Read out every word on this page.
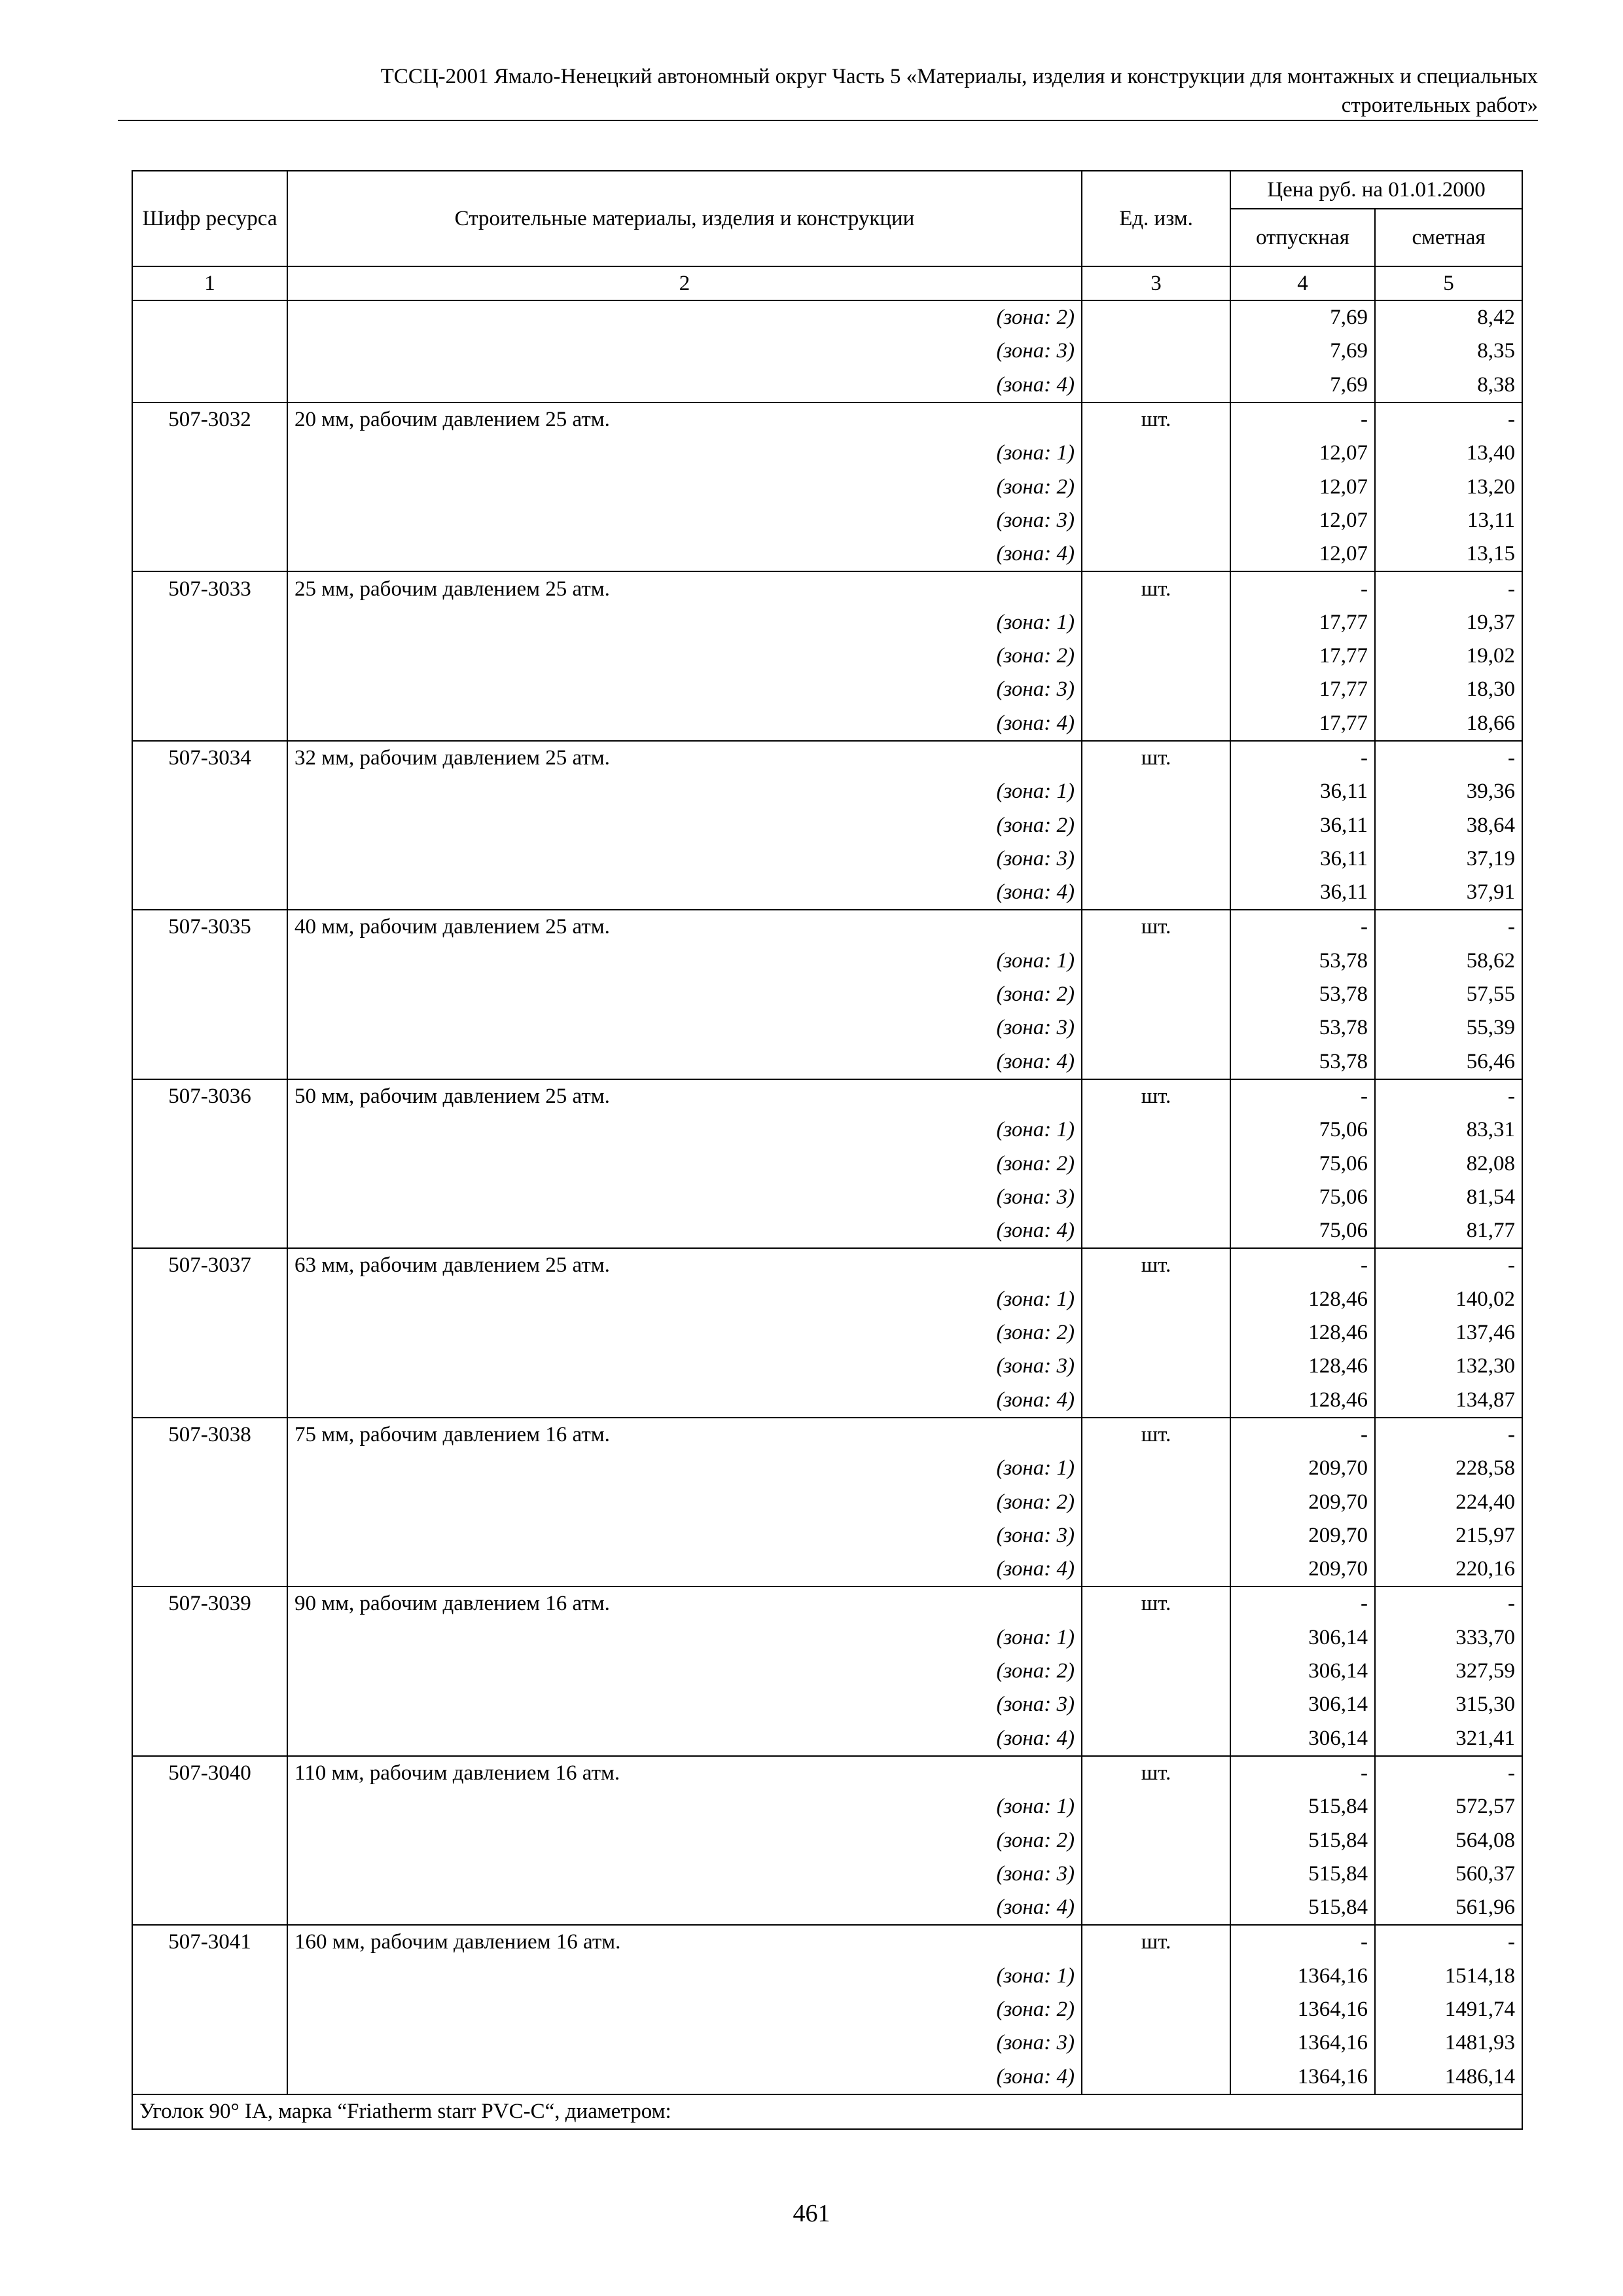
ТССЦ-2001 Ямало-Ненецкий автономный округ Часть 5 «Материалы, изделия и конструкции для монтажных и специальных
строительных работ»
Шифр ресурса	Строительные материалы, изделия и конструкции	Ед. изм.	Цена руб. на 01.01.2000	
			отпускная	сметная
1	2	3	4	5
	(зона: 2)		7,69	8,42
	(зона: 3)		7,69	8,35
	(зона: 4)		7,69	8,38
507-3032	20 мм, рабочим давлением 25 атм.	шт.	-	-
	(зона: 1)		12,07	13,40
	(зона: 2)		12,07	13,20
	(зона: 3)		12,07	13,11
	(зона: 4)		12,07	13,15
507-3033	25 мм, рабочим давлением 25 атм.	шт.	-	-
	(зона: 1)		17,77	19,37
	(зона: 2)		17,77	19,02
	(зона: 3)		17,77	18,30
	(зона: 4)		17,77	18,66
507-3034	32 мм, рабочим давлением 25 атм.	шт.	-	-
	(зона: 1)		36,11	39,36
	(зона: 2)		36,11	38,64
	(зона: 3)		36,11	37,19
	(зона: 4)		36,11	37,91
507-3035	40 мм, рабочим давлением 25 атм.	шт.	-	-
	(зона: 1)		53,78	58,62
	(зона: 2)		53,78	57,55
	(зона: 3)		53,78	55,39
	(зона: 4)		53,78	56,46
507-3036	50 мм, рабочим давлением 25 атм.	шт.	-	-
	(зона: 1)		75,06	83,31
	(зона: 2)		75,06	82,08
	(зона: 3)		75,06	81,54
	(зона: 4)		75,06	81,77
507-3037	63 мм, рабочим давлением 25 атм.	шт.	-	-
	(зона: 1)		128,46	140,02
	(зона: 2)		128,46	137,46
	(зона: 3)		128,46	132,30
	(зона: 4)		128,46	134,87
507-3038	75 мм, рабочим давлением 16 атм.	шт.	-	-
	(зона: 1)		209,70	228,58
	(зона: 2)		209,70	224,40
	(зона: 3)		209,70	215,97
	(зона: 4)		209,70	220,16
507-3039	90 мм, рабочим давлением 16 атм.	шт.	-	-
	(зона: 1)		306,14	333,70
	(зона: 2)		306,14	327,59
	(зона: 3)		306,14	315,30
	(зона: 4)		306,14	321,41
507-3040	110 мм, рабочим давлением 16 атм.	шт.	-	-
	(зона: 1)		515,84	572,57
	(зона: 2)		515,84	564,08
	(зона: 3)		515,84	560,37
	(зона: 4)		515,84	561,96
507-3041	160 мм, рабочим давлением 16 атм.	шт.	-	-
	(зона: 1)		1364,16	1514,18
	(зона: 2)		1364,16	1491,74
	(зона: 3)		1364,16	1481,93
	(зона: 4)		1364,16	1486,14
Уголок 90° IA, марка “Friatherm starr PVC-C“, диаметром:				
461
